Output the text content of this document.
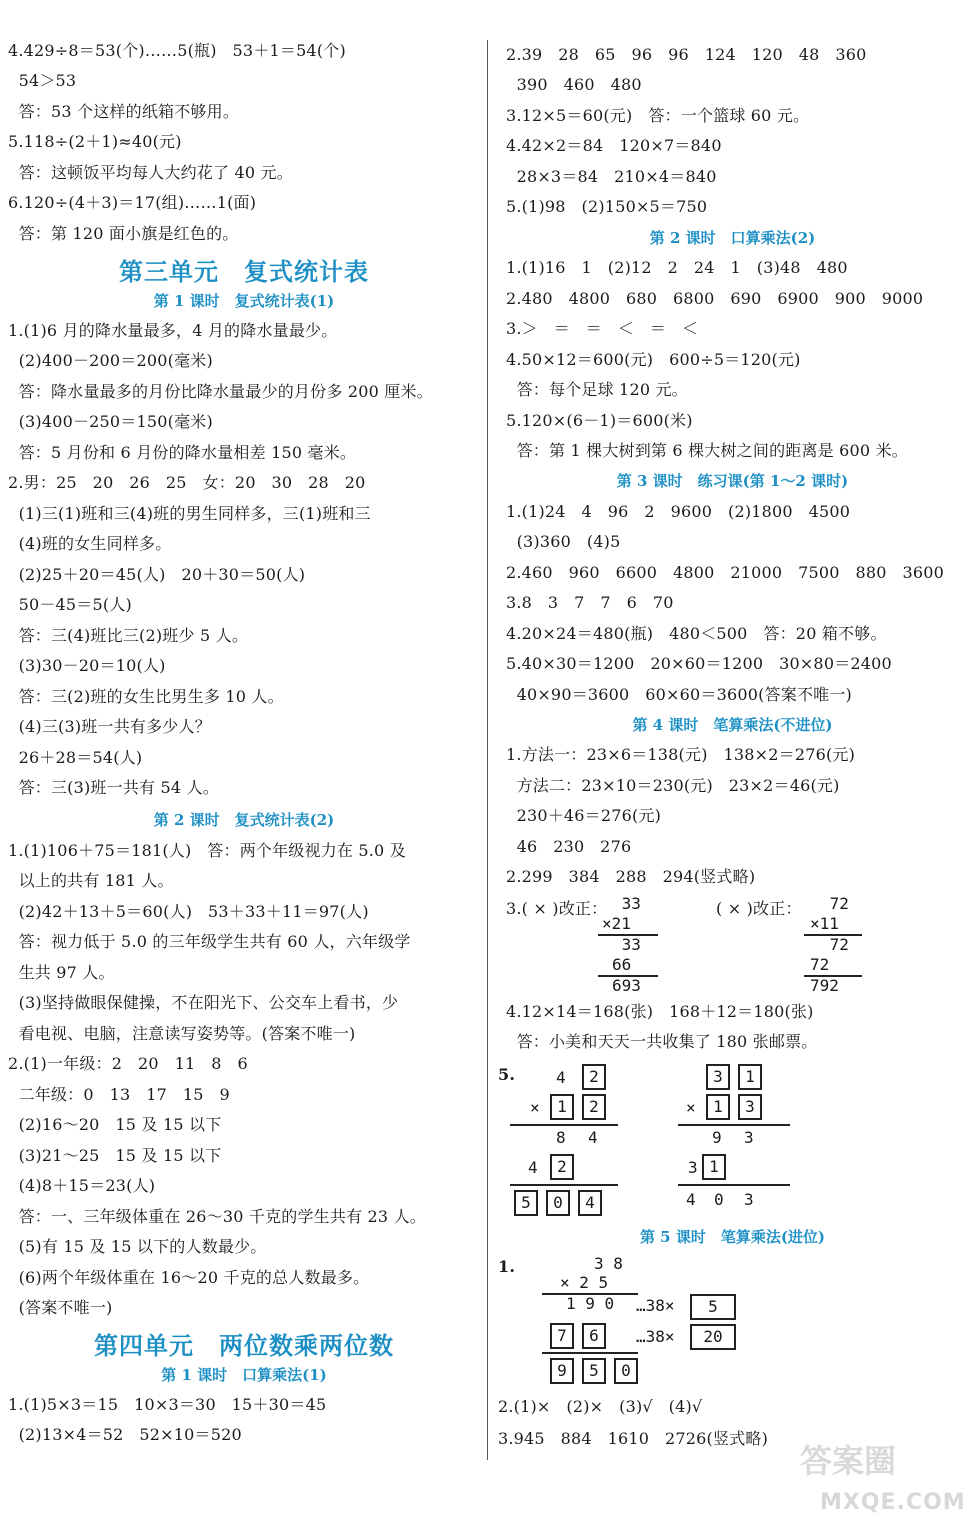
4.429÷8＝53(个)……5(瓶)   53＋1＝54(个)
54＞53
答：53 个这样的纸箱不够用。
5.118÷(2＋1)≈40(元)
答：这顿饭平均每人大约花了 40 元。
6.120÷(4＋3)＝17(组)……1(面)
答：第 120 面小旗是红色的。
第三单元　复式统计表
第 1 课时　复式统计表(1)
1.(1)6 月的降水量最多，4 月的降水量最少。
(2)400－200＝200(毫米)
答：降水量最多的月份比降水量最少的月份多 200 厘米。
(3)400－250＝150(毫米)
答：5 月份和 6 月份的降水量相差 150 毫米。
2.男：25   20   26   25   女：20   30   28   20
(1)三(1)班和三(4)班的男生同样多，三(1)班和三
(4)班的女生同样多。
(2)25＋20＝45(人)   20＋30＝50(人)
50－45＝5(人)
答：三(4)班比三(2)班少 5 人。
(3)30－20＝10(人)
答：三(2)班的女生比男生多 10 人。
(4)三(3)班一共有多少人？
26＋28＝54(人)
答：三(3)班一共有 54 人。
第 2 课时　复式统计表(2)
1.(1)106＋75＝181(人)   答：两个年级视力在 5.0 及
以上的共有 181 人。
(2)42＋13＋5＝60(人)   53＋33＋11＝97(人)
答：视力低于 5.0 的三年级学生共有 60 人，六年级学
生共 97 人。
(3)坚持做眼保健操，不在阳光下、公交车上看书，少
看电视、电脑，注意读写姿势等。(答案不唯一)
2.(1)一年级：2   20   11   8   6
二年级：0   13   17   15   9
(2)16～20   15 及 15 以下
(3)21～25   15 及 15 以下
(4)8＋15＝23(人)
答：一、三年级体重在 26～30 千克的学生共有 23 人。
(5)有 15 及 15 以下的人数最少。
(6)两个年级体重在 16～20 千克的总人数最多。
(答案不唯一)
第四单元　两位数乘两位数
第 1 课时　口算乘法(1)
1.(1)5×3＝15   10×3＝30   15＋30＝45
(2)13×4＝52   52×10＝520
2.39   28   65   96   96   124   120   48   360
390   460   480
3.12×5＝60(元)   答：一个篮球 60 元。
4.42×2＝84   120×7＝840
28×3＝84   210×4＝840
5.(1)98   (2)150×5＝750
第 2 课时　口算乘法(2)
1.(1)16   1   (2)12   2   24   1   (3)48   480
2.480   4800   680   6800   690   6900   900   9000
3.＞   ＝   ＝   ＜   ＝   ＜
4.50×12＝600(元)   600÷5＝120(元)
答：每个足球 120 元。
5.120×(6－1)＝600(米)
答：第 1 棵大树到第 6 棵大树之间的距离是 600 米。
第 3 课时　练习课(第 1～2 课时)
1.(1)24   4   96   2   9600   (2)1800   4500
(3)360   (4)5
2.460   960   6600   4800   21000   7500   880   3600
3.8   3   7   7   6   70
4.20×24＝480(瓶)   480＜500   答：20 箱不够。
5.40×30＝1200   20×60＝1200   30×80＝2400
40×90＝3600   60×60＝3600(答案不唯一)
第 4 课时　笔算乘法(不进位)
1.方法一：23×6＝138(元)   138×2＝276(元)
方法二：23×10＝230(元)   23×2＝46(元)
230＋46＝276(元)
46   230   276
2.299   384   288   294(竖式略)
3.( × )改正： 33
×21
33
66
693
( × )改正： 72
×11
72
72
792
4.12×14＝168(张)   168＋12＝180(张)
答：小美和天天一共收集了 180 张邮票。
5.	4	2
×	1	2
8 4
4	2
5	0	4
3	1
×	1	3
9 3
3 1
4 0 3
第 5 课时　笔算乘法(进位)
1.	3 8
× 2 5
1 9 0 …38×	5
7	6	…38×	20
9	5	0
2.(1)×   (2)×   (3)√   (4)√
3.945   884   1610   2726(竖式略)
答案圈
MXQE.COM
